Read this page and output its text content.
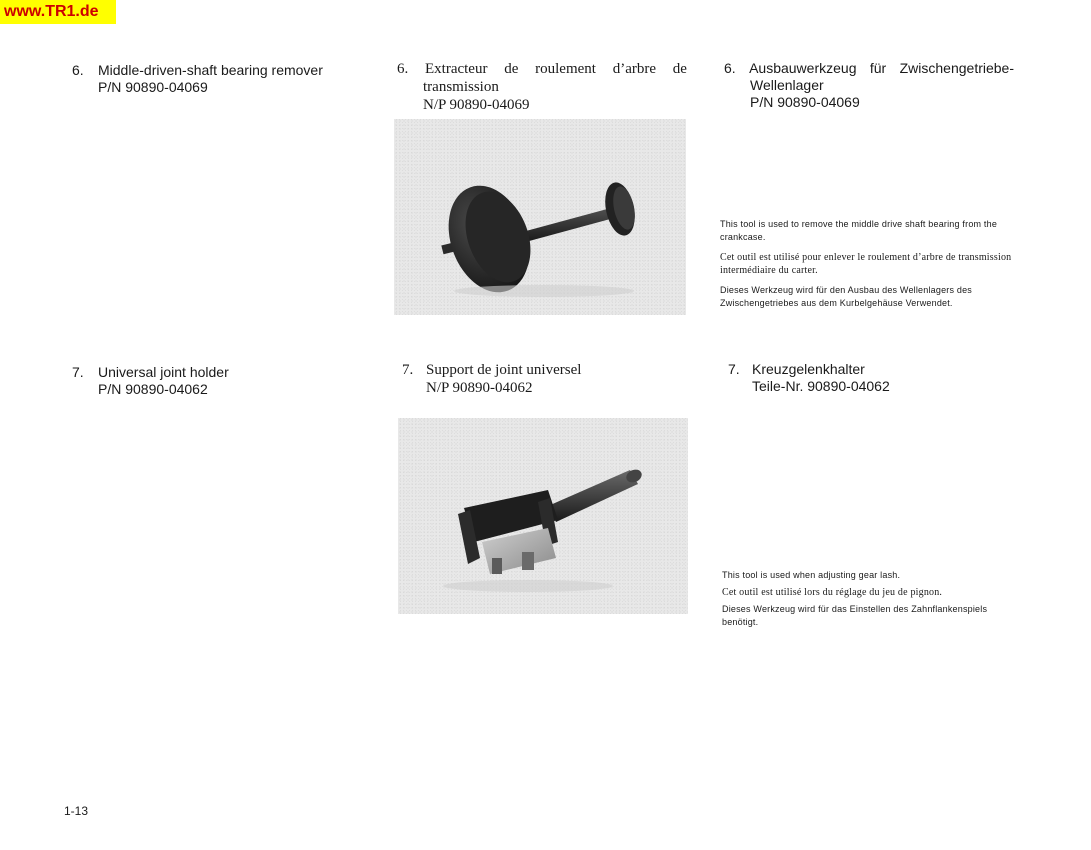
www.TR1.de
6. Middle-driven-shaft bearing remover
P/N 90890-04069
6. Extracteur de roulement d’arbre de
transmission
N/P 90890-04069
6. Ausbauwerkzeug für Zwischengetriebe-
Wellenlager
P/N 90890-04069
This tool is used to remove the middle drive shaft bearing from the crankcase.
Cet outil est utilisé pour enlever le roulement d’arbre de transmission intermédiaire du carter.
Dieses Werkzeug wird für den Ausbau des Wellenlagers des Zwischengetriebes aus dem Kurbelgehäuse Verwendet.
7. Universal joint holder
P/N 90890-04062
7. Support de joint universel
N/P 90890-04062
7. Kreuzgelenkhalter
Teile-Nr. 90890-04062
This tool is used when adjusting gear lash.
Cet outil est utilisé lors du réglage du jeu de pignon.
Dieses Werkzeug wird für das Einstellen des Zahnflankenspiels benötigt.
1-13
